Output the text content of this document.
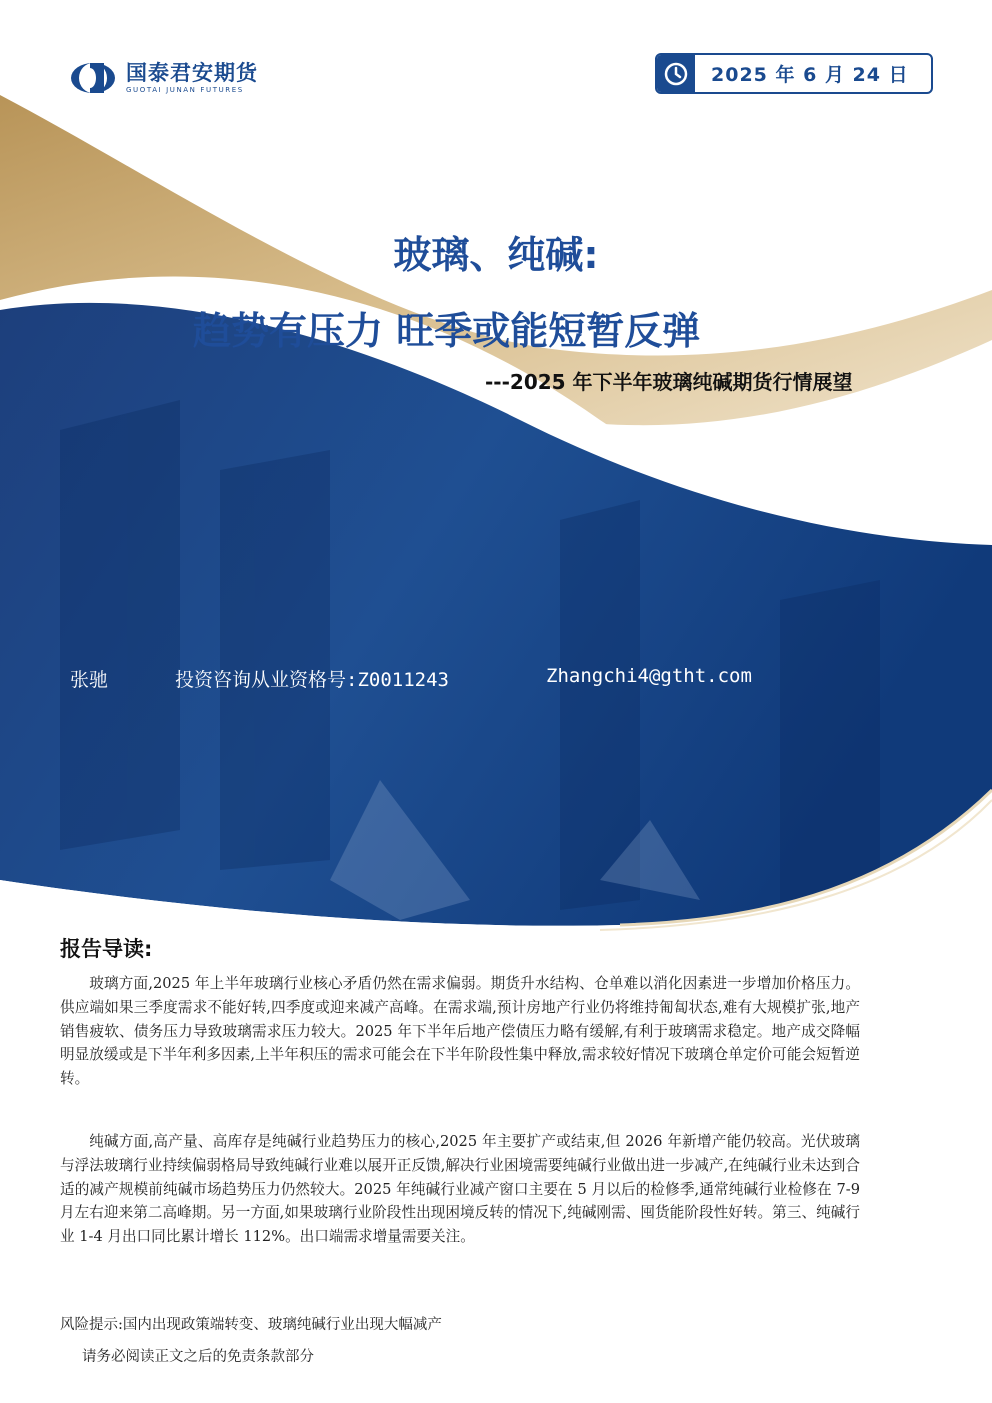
国泰君安期货
GUOTAI JUNAN FUTURES
2025 年 6 月 24 日
玻璃、纯碱:
趋势有压力 旺季或能短暂反弹
---2025 年下半年玻璃纯碱期货行情展望
张驰	投资咨询从业资格号:Z0011243	Zhangchi4@gtht.com
报告导读:
玻璃方面,2025 年上半年玻璃行业核心矛盾仍然在需求偏弱。期货升水结构、仓单难以消化因素进一步增加价格压力。供应端如果三季度需求不能好转,四季度或迎来减产高峰。在需求端,预计房地产行业仍将维持匍匐状态,难有大规模扩张,地产销售疲软、债务压力导致玻璃需求压力较大。2025 年下半年后地产偿债压力略有缓解,有利于玻璃需求稳定。地产成交降幅明显放缓或是下半年利多因素,上半年积压的需求可能会在下半年阶段性集中释放,需求较好情况下玻璃仓单定价可能会短暂逆转。
纯碱方面,高产量、高库存是纯碱行业趋势压力的核心,2025 年主要扩产或结束,但 2026 年新增产能仍较高。光伏玻璃与浮法玻璃行业持续偏弱格局导致纯碱行业难以展开正反馈,解决行业困境需要纯碱行业做出进一步减产,在纯碱行业未达到合适的减产规模前纯碱市场趋势压力仍然较大。2025 年纯碱行业减产窗口主要在 5 月以后的检修季,通常纯碱行业检修在 7-9 月左右迎来第二高峰期。另一方面,如果玻璃行业阶段性出现困境反转的情况下,纯碱刚需、囤货能阶段性好转。第三、纯碱行业 1-4 月出口同比累计增长 112%。出口端需求增量需要关注。
风险提示:国内出现政策端转变、玻璃纯碱行业出现大幅减产
请务必阅读正文之后的免责条款部分
